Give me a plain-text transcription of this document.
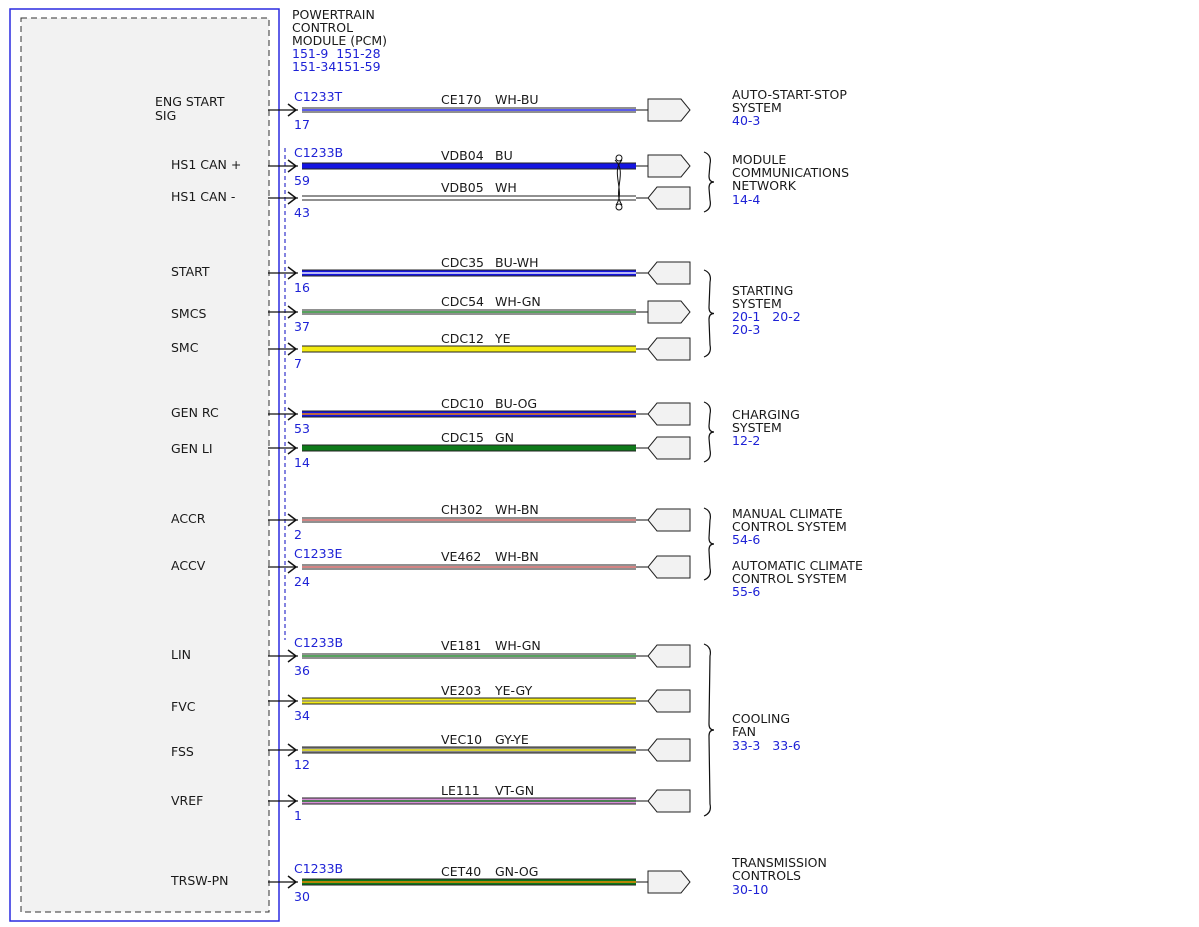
POWERTRAIN
CONTROL
MODULE (PCM)
151-9  151-28
151-34151-59
ENG START
SIG
CE170 WH-BU
C1233T
17
HS1 CAN +
VDB04 BU
C1233B
59
HS1 CAN -
VDB05 WH
43
START
CDC35 BU-WH
16
SMCS
CDC54 WH-GN
37
SMC
CDC12 YE
7
GEN RC
CDC10 BU-OG
53
GEN LI
CDC15 GN
14
ACCR
CH302 WH-BN
2
ACCV
VE462 WH-BN
C1233E
24
LIN
VE181 WH-GN
C1233B
36
FVC
VE203 YE-GY
34
FSS
VEC10 GY-YE
12
VREF
LE111 VT-GN
1
TRSW-PN
CET40 GN-OG
C1233B
30
AUTO-START-STOP
SYSTEM
40-3
MODULE
COMMUNICATIONS
NETWORK
14-4
STARTING
SYSTEM
20-1   20-2
20-3
CHARGING
SYSTEM
12-2
MANUAL CLIMATE
CONTROL SYSTEM
54-6
AUTOMATIC CLIMATE
CONTROL SYSTEM
55-6
COOLING
FAN
33-3   33-6
TRANSMISSION
CONTROLS
30-10
